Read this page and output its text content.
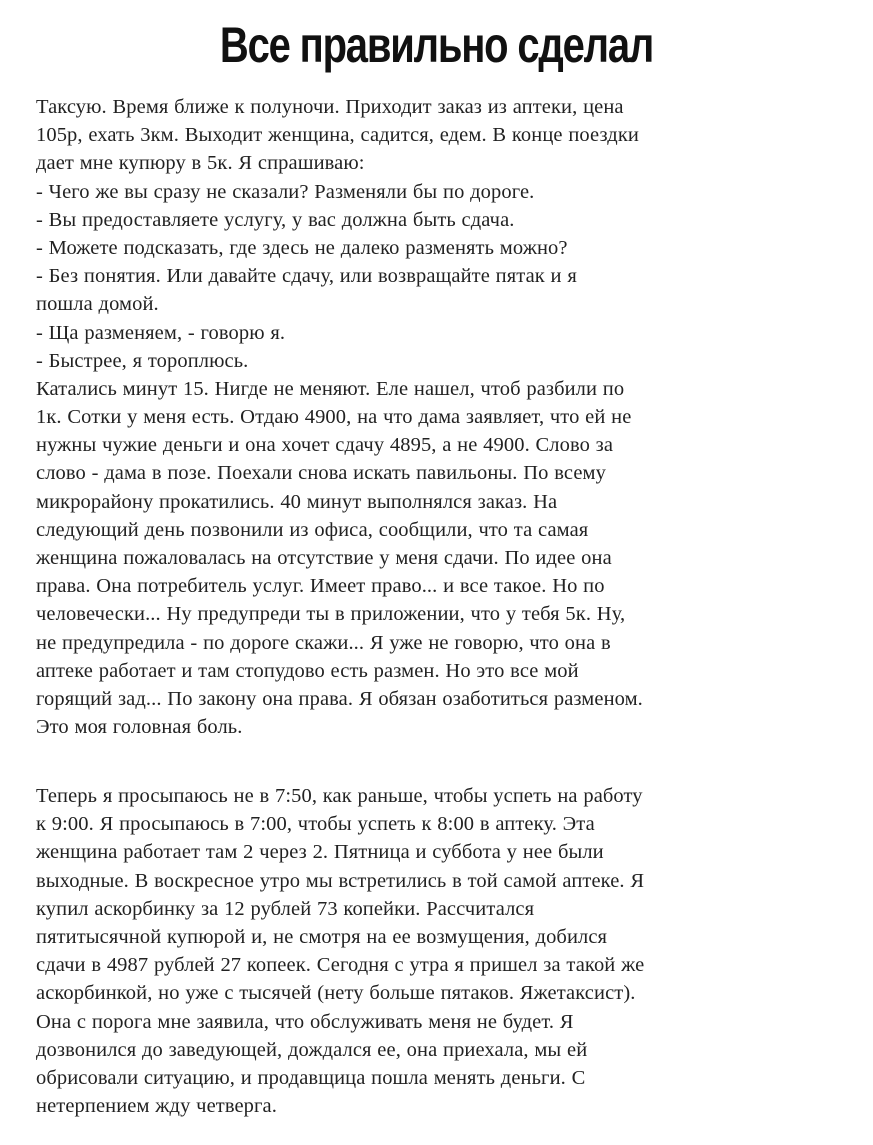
Все правильно сделал
Таксую. Время ближе к полуночи. Приходит заказ из аптеки, цена
105р, ехать 3км. Выходит женщина, садится, едем. В конце поездки
дает мне купюру в 5к. Я спрашиваю:
- Чего же вы сразу не сказали? Разменяли бы по дороге.
- Вы предоставляете услугу, у вас должна быть сдача.
- Можете подсказать, где здесь не далеко разменять можно?
- Без понятия. Или давайте сдачу, или возвращайте пятак и я
пошла домой.
- Ща разменяем, - говорю я.
- Быстрее, я тороплюсь.
Катались минут 15. Нигде не меняют. Еле нашел, чтоб разбили по
1к. Сотки у меня есть. Отдаю 4900, на что дама заявляет, что ей не
нужны чужие деньги и она хочет сдачу 4895, а не 4900. Слово за
слово - дама в позе. Поехали снова искать павильоны. По всему
микрорайону прокатились. 40 минут выполнялся заказ. На
следующий день позвонили из офиса, сообщили, что та самая
женщина пожаловалась на отсутствие у меня сдачи. По идее она
права. Она потребитель услуг. Имеет право... и все такое. Но по
человечески... Ну предупреди ты в приложении, что у тебя 5к. Ну,
не предупредила - по дороге скажи... Я уже не говорю, что она в
аптеке работает и там стопудово есть размен. Но это все мой
горящий зад... По закону она права. Я обязан озаботиться разменом.
Это моя головная боль.
Теперь я просыпаюсь не в 7:50, как раньше, чтобы успеть на работу
к 9:00. Я просыпаюсь в 7:00, чтобы успеть к 8:00 в аптеку. Эта
женщина работает там 2 через 2. Пятница и суббота у нее были
выходные. В воскресное утро мы встретились в той самой аптеке. Я
купил аскорбинку за 12 рублей 73 копейки. Рассчитался
пятитысячной купюрой и, не смотря на ее возмущения, добился
сдачи в 4987 рублей 27 копеек. Сегодня с утра я пришел за такой же
аскорбинкой, но уже с тысячей (нету больше пятаков. Яжетаксист).
Она с порога мне заявила, что обслуживать меня не будет. Я
дозвонился до заведующей, дождался ее, она приехала, мы ей
обрисовали ситуацию, и продавщица пошла менять деньги. С
нетерпением жду четверга.
